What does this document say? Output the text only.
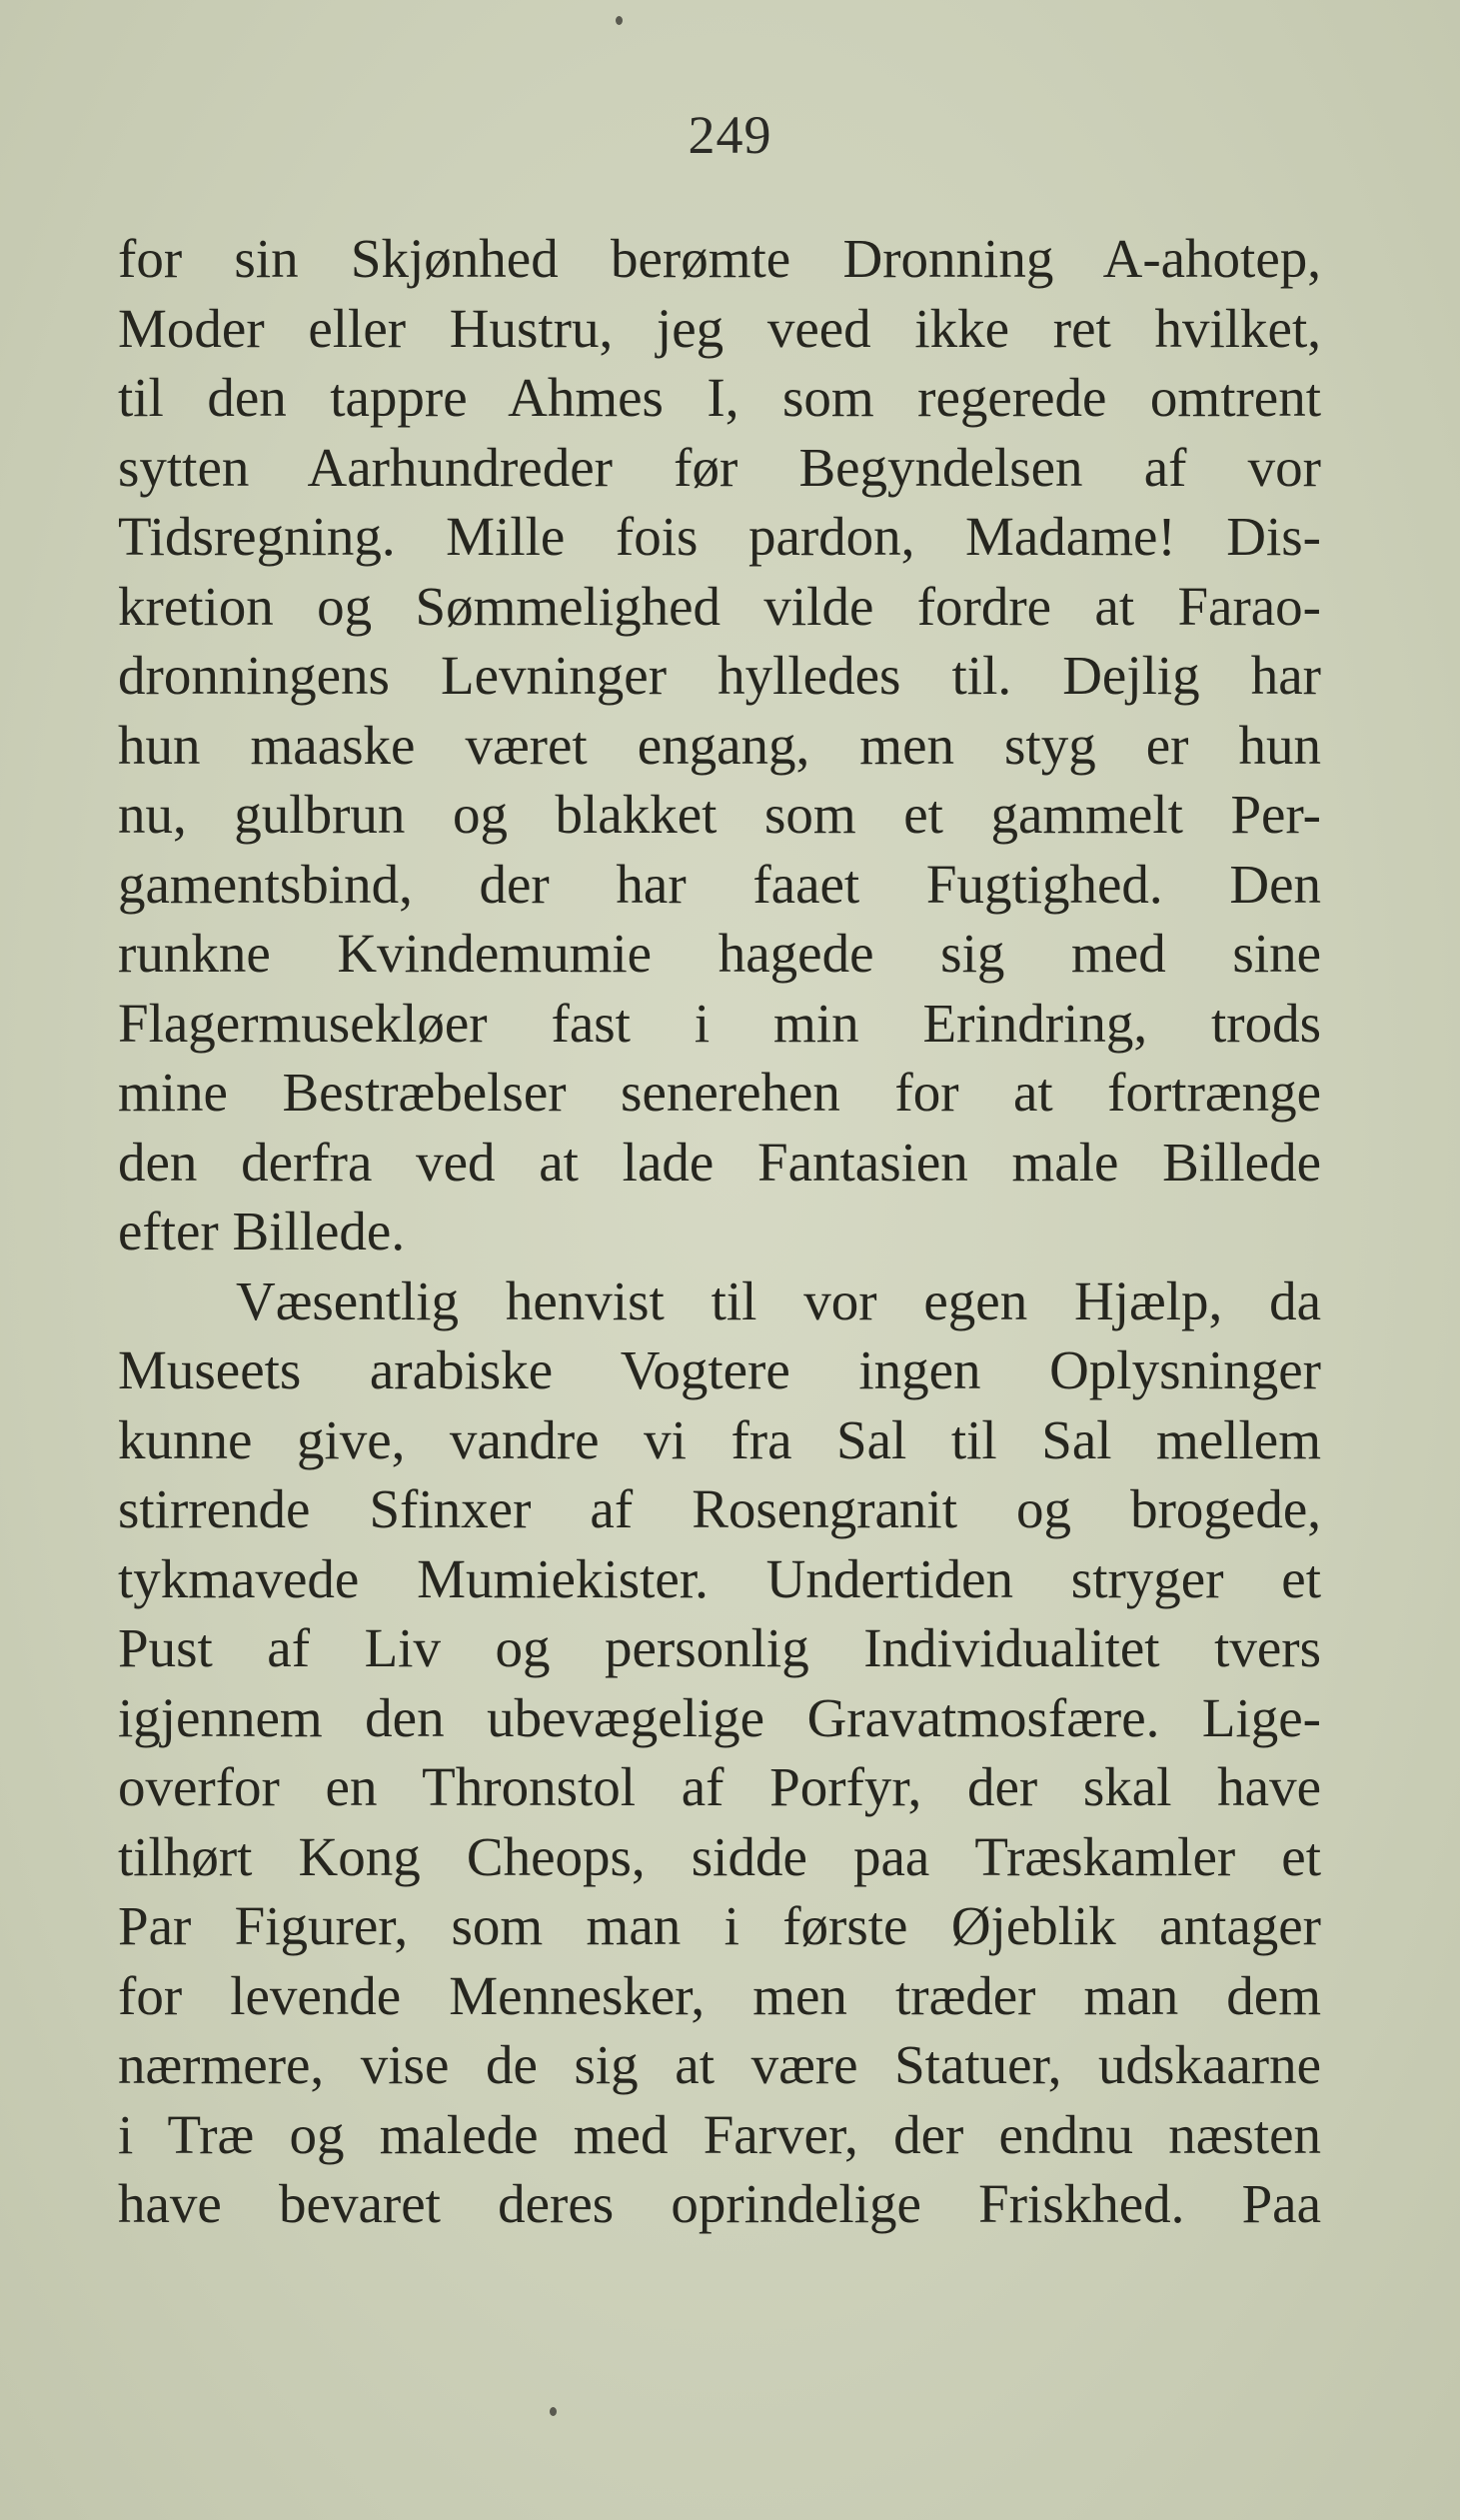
249
for sin Skjønhed berømte Dronning A-ahotep,
Moder eller Hustru, jeg veed ikke ret hvilket,
til den tappre Ahmes I, som regerede omtrent
sytten Aarhundreder før Begyndelsen af vor
Tidsregning. Mille fois pardon, Madame! Dis-
kretion og Sømmelighed vilde fordre at Farao-
dronningens Levninger hylledes til. Dejlig har
hun maaske været engang, men styg er hun
nu, gulbrun og blakket som et gammelt Per-
gamentsbind, der har faaet Fugtighed. Den
runkne Kvindemumie hagede sig med sine
Flagermusekløer fast i min Erindring, trods
mine Bestræbelser senerehen for at fortrænge
den derfra ved at lade Fantasien male Billede
efter Billede.
Væsentlig henvist til vor egen Hjælp, da
Museets arabiske Vogtere ingen Oplysninger
kunne give, vandre vi fra Sal til Sal mellem
stirrende Sfinxer af Rosengranit og brogede,
tykmavede Mumiekister. Undertiden stryger et
Pust af Liv og personlig Individualitet tvers
igjennem den ubevægelige Gravatmosfære. Lige-
overfor en Thronstol af Porfyr, der skal have
tilhørt Kong Cheops, sidde paa Træskamler et
Par Figurer, som man i første Øjeblik antager
for levende Mennesker, men træder man dem
nærmere, vise de sig at være Statuer, udskaarne
i Træ og malede med Farver, der endnu næsten
have bevaret deres oprindelige Friskhed. Paa
